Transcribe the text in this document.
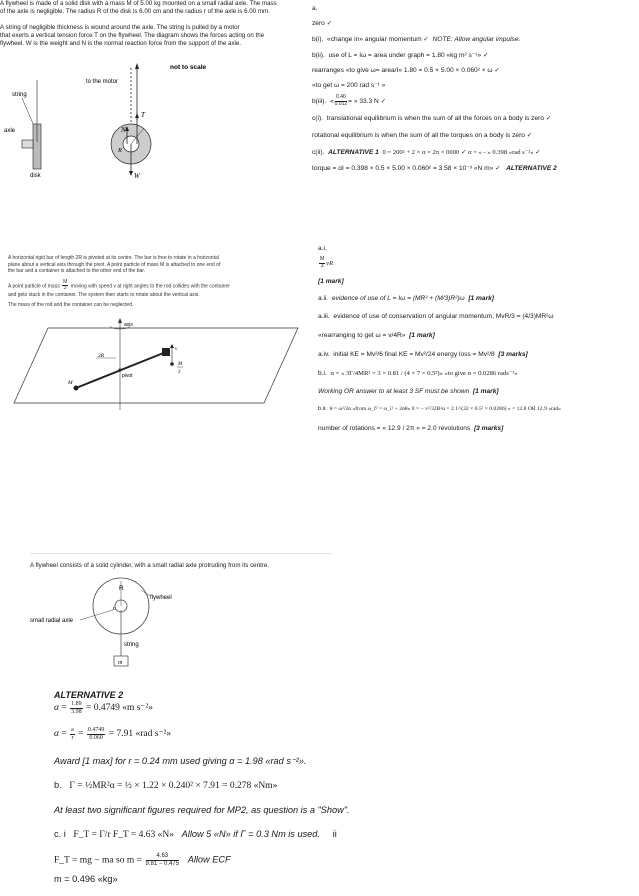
A flywheel is made of a solid disk with a mass M of 5.00 kg mounted on a small radial axle. The mass
of the axle is negligible. The radius R of the disk is 6.00 cm and the radius r of the axle is 6.00 mm.
A string of negligible thickness is wound around the axle. The string is pulled by a motor
that exerts a vertical tension force T on the flywheel. The diagram shows the forces acting on the
flywheel. W is the weight and N is the normal reaction force from the support of the axle.
not to scale
to the motor
string
axle
disk
T
N
R
W
a.
zero ✓
b(i). «change in» angular momentum ✓ NOTE: Allow angular impulse.
b(ii). use of L = Iω = area under graph = 1.80 «kg m² s⁻¹» ✓
rearranges «to give ω= area/I» 1.80 = 0.5 × 5.00 × 0.060² × ω ✓
«to get ω = 200 rad s⁻¹ »
b(iii). « $\frac{0.40}{0.012}$ = » 33.3 N ✓
c(i). translational equilibrium is when the sum of all the forces on a body is zero ✓
rotational equilibrium is when the sum of all the torques on a body is zero ✓
c(ii). ALTERNATIVE 1 0 = 200² + 2 × α × 2π × 0000 ✓ α = « - » 0.398 «rad s⁻²» ✓
torque = αI = 0.398 × 0.5 × 5.00 × 0.060² = 3.58 × 10⁻³ «N m» ✓ ALTERNATIVE 2
A horizontal rigid bar of length 2R is pivoted at its centre. The bar is free to rotate in a horizontal
plane about a vertical axis through the pivot. A point particle of mass M is attached to one end of
the bar and a container is attached to the other end of the bar.
A point particle of mass $\frac{M}{3}$ moving with speed v at right angles to the rod collides with the container
and gets stuck in the container. The system then starts to rotate about the vertical axis.
The mass of the rod and the container can be neglected.
axis
M
pivot
2R
v
M
3
a.i.
$\frac{M}{3}$ vR
[1 mark]
a.ii. evidence of use of L = Iω = (MR² + (M/3)R²)ω [1 mark]
a.iii. evidence of use of conservation of angular momentum, MvR/3 = (4/3)MR²ω
«rearranging to get ω = v/4R» [1 mark]
a.iv. initial KE = Mv²/6 final KE = Mv²/24 energy loss = Mv²/8 [3 marks]
b.i. α = « 3Γ/4MR² = 3 × 0.81 / (4 × 7 × 0.5²)» «to give α = 0.0286 rads⁻²»
Working OR answer to at least 3 SF must be shown [1 mark]
b.ii. θ = ω²/2α «from ω_f² = ω_i² + 2αθ» 0 = − v²/32R²α = 2.1²/(32 × 0.5² × 0.0286) » = 12.8 OR 12.9 «rad»
number of rotations = « 12.9 / 2π » = 2.0 revolutions [3 marks]
A flywheel consists of a solid cylinder, with a small radial axle protruding from its centre.
R
r
flywheel
small radial axle
string
m
ALTERNATIVE 2
$\alpha = \frac{1.89}{3.98} = 0.4749$ «m s⁻²»
$\alpha = \frac{a}{r} = \frac{0.4749}{0.060} = 7.91$ «rad s⁻²»
Award [1 max] for r = 0.24 mm used giving α = 1.98 «rad s⁻²».
b. Γ = ½MR²α = ½ × 1.22 × 0.240² × 7.91 = 0.278 «Nm»
At least two significant figures required for MP2, as question is a "Show".
c. i F_T = Γ/r F_T = 4.63 «N» Allow 5 «N» if Γ = 0.3 Nm is used. ii
F_T = mg − ma so $m = \frac{4.63}{9.81 - 0.475}$ Allow ECF
m = 0.496 «kg»
